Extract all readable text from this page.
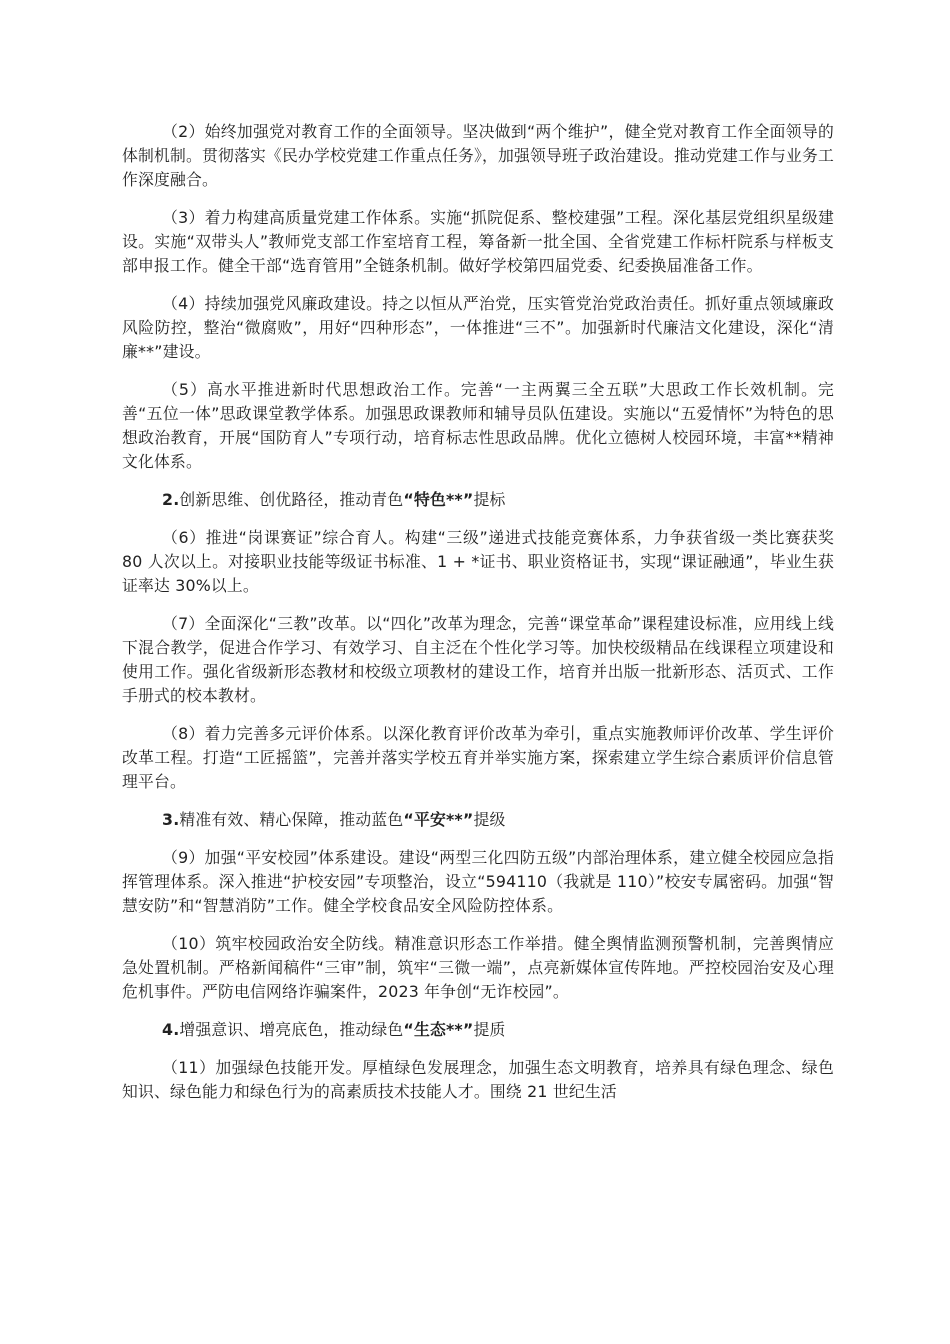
（2）始终加强党对教育工作的全面领导。坚决做到“两个维护”，健全党对教育工作全面领导的体制机制。贯彻落实《民办学校党建工作重点任务》，加强领导班子政治建设。推动党建工作与业务工作深度融合。

（3）着力构建高质量党建工作体系。实施“抓院促系、整校建强”工程。深化基层党组织星级建设。实施“双带头人”教师党支部工作室培育工程，筹备新一批全国、全省党建工作标杆院系与样板支部申报工作。健全干部“选育管用”全链条机制。做好学校第四届党委、纪委换届准备工作。

（4）持续加强党风廉政建设。持之以恒从严治党，压实管党治党政治责任。抓好重点领域廉政风险防控，整治“微腐败”，用好“四种形态”，一体推进“三不”。加强新时代廉洁文化建设，深化“清廉**”建设。

（5）高水平推进新时代思想政治工作。完善“一主两翼三全五联”大思政工作长效机制。完善“五位一体”思政课堂教学体系。加强思政课教师和辅导员队伍建设。实施以“五爱情怀”为特色的思想政治教育，开展“国防育人”专项行动，培育标志性思政品牌。优化立德树人校园环境，丰富**精神文化体系。

2.创新思维、创优路径，推动青色“特色**”提标

（6）推进“岗课赛证”综合育人。构建“三级”递进式技能竞赛体系，力争获省级一类比赛获奖 80 人次以上。对接职业技能等级证书标准、1 + *证书、职业资格证书，实现“课证融通”，毕业生获证率达 30%以上。

（7）全面深化“三教”改革。以“四化”改革为理念，完善“课堂革命”课程建设标准，应用线上线下混合教学，促进合作学习、有效学习、自主泛在个性化学习等。加快校级精品在线课程立项建设和使用工作。强化省级新形态教材和校级立项教材的建设工作，培育并出版一批新形态、活页式、工作手册式的校本教材。

（8）着力完善多元评价体系。以深化教育评价改革为牵引，重点实施教师评价改革、学生评价改革工程。打造“工匠摇篮”，完善并落实学校五育并举实施方案，探索建立学生综合素质评价信息管理平台。

3.精准有效、精心保障，推动蓝色“平安**”提级

（9）加强“平安校园”体系建设。建设“两型三化四防五级”内部治理体系，建立健全校园应急指挥管理体系。深入推进“护校安园”专项整治，设立“594110（我就是 110）”校安专属密码。加强“智慧安防”和“智慧消防”工作。健全学校食品安全风险防控体系。

（10）筑牢校园政治安全防线。精准意识形态工作举措。健全舆情监测预警机制，完善舆情应急处置机制。严格新闻稿件“三审”制，筑牢“三微一端”，点亮新媒体宣传阵地。严控校园治安及心理危机事件。严防电信网络诈骗案件，2023 年争创“无诈校园”。

4.增强意识、增亮底色，推动绿色“生态**”提质

（11）加强绿色技能开发。厚植绿色发展理念，加强生态文明教育，培养具有绿色理念、绿色知识、绿色能力和绿色行为的高素质技术技能人才。围绕 21 世纪生活
